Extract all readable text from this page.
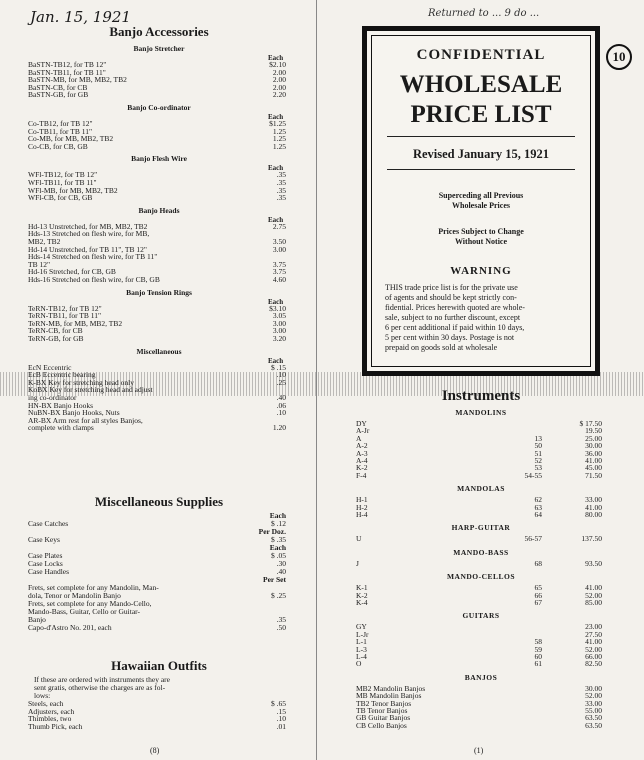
Jan. 15, 1921
Banjo Accessories
Banjo Stretcher
Each
BaSTN-TB12, for TB 12"	$2.10
BaSTN-TB11, for TB 11"	2.00
BaSTN-MB, for MB, MB2, TB2	2.00
BaSTN-CB, for CB	2.00
BaSTN-GB, for GB	2.20
Banjo Co-ordinator
Each
Co-TB12, for TB 12"	$1.25
Co-TB11, for TB 11"	1.25
Co-MB, for MB, MB2, TB2	1.25
Co-CB, for CB, GB	1.25
Banjo Flesh Wire
Each
WFl-TB12, for TB 12"	.35
WFl-TB11, for TB 11"	.35
WFl-MB, for MB, MB2, TB2	.35
WFl-CB, for CB, GB	.35
Banjo Heads
Each
Hd-13 Unstretched, for MB, MB2, TB2	2.75
Hds-13 Stretched on flesh wire, for MB,
MB2, TB2	3.50
Hd-14 Unstretched, for TB 11", TB 12"	3.00
Hds-14 Stretched on flesh wire, for TB 11"
TB 12"	3.75
Hd-16 Stretched, for CB, GB	3.75
Hds-16 Stretched on flesh wire, for CB, GB	4.60
Banjo Tension Rings
Each
TeRN-TB12, for TB 12"	$3.10
TeRN-TB11, for TB 11"	3.05
TeRN-MB, for MB, MB2, TB2	3.00
TeRN-CB, for CB	3.00
TeRN-GB, for GB	3.20
Miscellaneous
Each
EcN Eccentric	$ .15
EcB Eccentric bearing	.10
K-BX Key for stretching head only	.25
KoBX Key for stretching head and adjust
ing co-ordinator	.40
HN-BX Banjo Hooks	.06
NuBN-BX Banjo Hooks, Nuts	.10
AR-BX Arm rest for all styles Banjos,
complete with clamps	1.20
Miscellaneous Supplies
Each
Case Catches	$ .12
Per Doz.
Case Keys	$ .35
Each
Case Plates	$ .05
Case Locks	.30
Case Handles	.40
Per Set
Frets, set complete for any Mandolin, Man-
dola, Tenor or Mandolin Banjo	$ .25
Frets, set complete for any Mando-Cello,
Mando-Bass, Guitar, Cello or Guitar-
Banjo	.35
Capo-d'Astro No. 201, each	.50
Hawaiian Outfits
If these are ordered with instruments they are
sent gratis, otherwise the charges are as fol-
lows:
Steels, each	$ .65
Adjusters, each	.15
Thimbles, two	.10
Thumb Pick, each	.01
(8)
Returned to ... 9 do ...
10
CONFIDENTIAL
WHOLESALE
PRICE LIST
Revised January 15, 1921
Superceding all Previous
Wholesale Prices
Prices Subject to Change
Without Notice
WARNING
THIS trade price list is for the private use
of agents and should be kept strictly con-
fidential. Prices herewith quoted are whole-
sale, subject to no further discount, except
6 per cent additional if paid within 10 days,
5 per cent within 30 days. Postage is not
prepaid on goods sold at wholesale
Instruments
MANDOLINS
DY	$ 17.50
A-Jr	19.50
A	13	25.00
A-2	50	30.00
A-3	51	36.00
A-4	52	41.00
K-2	53	45.00
F-4	54-55	71.50
MANDOLAS
H-1	62	33.00
H-2	63	41.00
H-4	64	80.00
HARP-GUITAR
U	56-57	137.50
MANDO-BASS
J	68	93.50
MANDO-CELLOS
K-1	65	41.00
K-2	66	52.00
K-4	67	85.00
GUITARS
GY	23.00
L-Jr	27.50
L-1	58	41.00
L-3	59	52.00
L-4	60	66.00
O	61	82.50
BANJOS
MB2 Mandolin Banjos	30.00
MB Mandolin Banjos	52.00
TB2 Tenor Banjos	33.00
TB Tenor Banjos	55.00
GB Guitar Banjos	63.50
CB Cello Banjos	63.50
(1)
